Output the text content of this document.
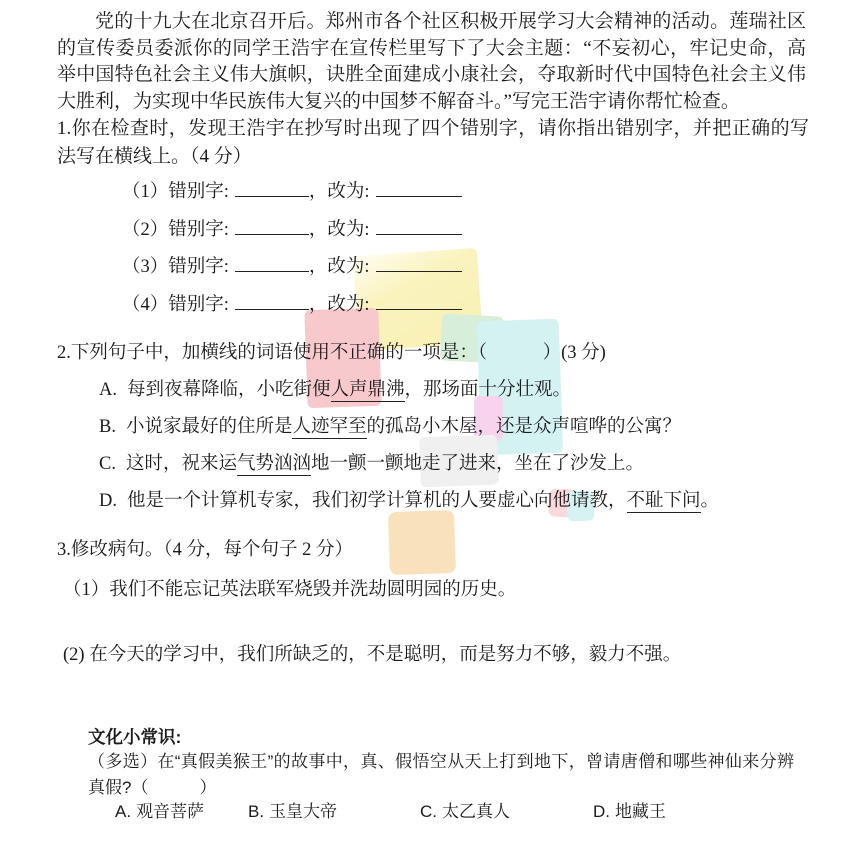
党的十九大在北京召开后。郑州市各个社区积极开展学习大会精神的活动。莲瑞社区的宣传委员委派你的同学王浩宇在宣传栏里写下了大会主题：“不妄初心，牢记史命，高举中国特色社会主义伟大旗帜，诀胜全面建成小康社会，夺取新时代中国特色社会主义伟大胜利，为实现中华民族伟大复兴的中国梦不解奋斗。”写完王浩宇请你帮忙检查。
1.你在检查时，发现王浩宇在抄写时出现了四个错别字，请你指出错别字，并把正确的写法写在横线上。（4 分）
（1）错别字:	，改为:
（2）错别字:	，改为:
（3）错别字:	，改为:
（4）错别字:	，改为:
2.下列句子中，加横线的词语使用不正确的一项是：（　　　）(3 分)
A. 每到夜幕降临，小吃街便人声鼎沸，那场面十分壮观。
B. 小说家最好的住所是人迹罕至的孤岛小木屋，还是众声喧哗的公寓？
C. 这时，祝来运气势汹汹地一颤一颤地走了进来，坐在了沙发上。
D. 他是一个计算机专家，我们初学计算机的人要虚心向他请教，不耻下问。
3.修改病句。（4 分，每个句子 2 分）
（1）我们不能忘记英法联军烧毁并洗劫圆明园的历史。
(2) 在今天的学习中，我们所缺乏的，不是聪明，而是努力不够，毅力不强。
文化小常识:
（多选）在“真假美猴王”的故事中，真、假悟空从天上打到地下，曾请唐僧和哪些神仙来分辨真假?（　　　）
A. 观音菩萨	B. 玉皇大帝	C. 太乙真人	D. 地藏王
